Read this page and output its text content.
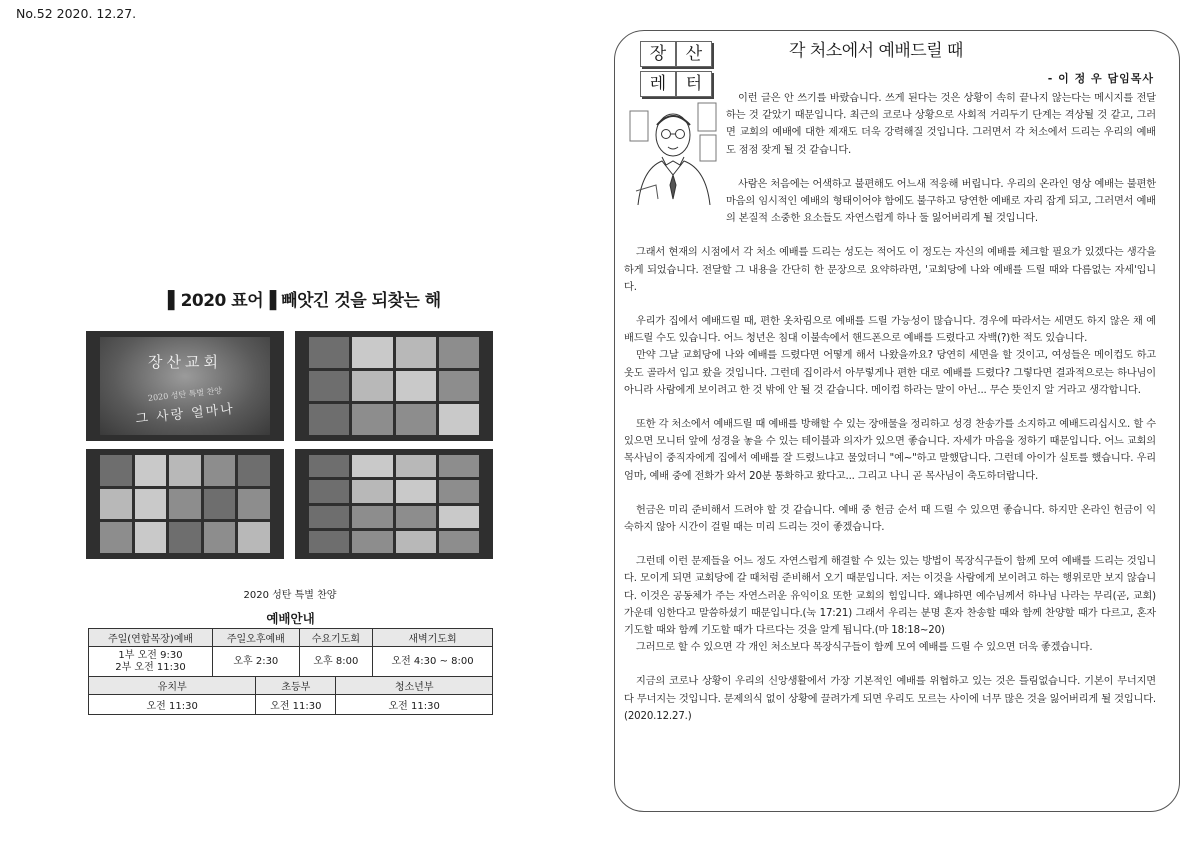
No.52 2020. 12.27.
▌2020 표어▐ 빼앗긴 것을 되찾는 해
장산교회
2020 성탄 특별 찬양
그 사랑 얼마나
2020 성탄 특별 찬양
예배안내					
주일(연합목장)예배	주일오후예배		수요기도회		새벽기도회

1부 오전 9:30
2부 오전 11:30	오후 2:30		오후 8:00		오전 4:30 ~ 8:00
유치부		초등부		청소년부	
오전 11:30		오전 11:30		오전 11:30	
장	산
레	터
각 처소에서 예배드릴 때
- 이 정 우 담임목사

이런 글은 안 쓰기를 바랐습니다. 쓰게 된다는 것은 상황이 속히 끝나지 않는다는 메시지를 전달하는 것 같았기 때문입니다. 최근의 코로나 상황으로 사회적 거리두기 단계는 격상될 것 같고, 그러면 교회의 예배에 대한 제재도 더욱 강력해질 것입니다. 그러면서 각 처소에서 드리는 우리의 예배도 점점 잦게 될 것 같습니다.

사람은 처음에는 어색하고 불편해도 어느새 적응해 버립니다. 우리의 온라인 영상 예배는 불편한 마음의 임시적인 예배의 형태이어야 함에도 불구하고 당연한 예배로 자리 잡게 되고, 그러면서 예배의 본질적 소중한 요소들도 자연스럽게 하나 둘 잃어버리게 될 것입니다.

그래서 현재의 시점에서 각 처소 예배를 드리는 성도는 적어도 이 정도는 자신의 예배를 체크할 필요가 있겠다는 생각을 하게 되었습니다. 전달할 그 내용을 간단히 한 문장으로 요약하라면, '교회당에 나와 예배를 드릴 때와 다름없는 자세'입니다.

우리가 집에서 예배드릴 때, 편한 옷차림으로 예배를 드릴 가능성이 많습니다. 경우에 따라서는 세면도 하지 않은 채 예배드릴 수도 있습니다. 어느 청년은 침대 이불속에서 핸드폰으로 예배를 드렸다고 자백(?)한 적도 있습니다.

만약 그날 교회당에 나와 예배를 드렸다면 어떻게 해서 나왔을까요? 당연히 세면을 할 것이고, 여성들은 메이컵도 하고 옷도 골라서 입고 왔을 것입니다. 그런데 집이라서 아무렇게나 편한 대로 예배를 드렸다? 그렇다면 결과적으로는 하나님이 아니라 사람에게 보이려고 한 것 밖에 안 될 것 같습니다. 메이컵 하라는 말이 아닌... 무슨 뜻인지 알 거라고 생각합니다.

또한 각 처소에서 예배드릴 때 예배를 방해할 수 있는 장애물을 정리하고 성경 찬송가를 소지하고 예배드리십시오. 할 수 있으면 모니터 앞에 성경을 놓을 수 있는 테이블과 의자가 있으면 좋습니다. 자세가 마음을 정하기 때문입니다. 어느 교회의 목사님이 중직자에게 집에서 예배를 잘 드렸느냐고 물었더니 "예~"하고 말했답니다. 그런데 아이가 실토를 했습니다. 우리 엄마, 예배 중에 전화가 와서 20분 통화하고 왔다고... 그리고 나니 곧 목사님이 축도하더랍니다.

헌금은 미리 준비해서 드려야 할 것 같습니다. 예배 중 헌금 순서 때 드릴 수 있으면 좋습니다. 하지만 온라인 헌금이 익숙하지 않아 시간이 걸릴 때는 미리 드리는 것이 좋겠습니다.

그런데 이런 문제들을 어느 정도 자연스럽게 해결할 수 있는 있는 방법이 목장식구들이 함께 모여 예배를 드리는 것입니다. 모이게 되면 교회당에 갈 때처럼 준비해서 오기 때문입니다. 저는 이것을 사람에게 보이려고 하는 행위로만 보지 않습니다. 이것은 공동체가 주는 자연스러운 유익이요 또한 교회의 힘입니다. 왜냐하면 예수님께서 하나님 나라는 무리(곧, 교회) 가운데 임한다고 말씀하셨기 때문입니다.(눅 17:21) 그래서 우리는 분명 혼자 찬송할 때와 함께 찬양할 때가 다르고, 혼자 기도할 때와 함께 기도할 때가 다르다는 것을 알게 됩니다.(마 18:18~20)

그러므로 할 수 있으면 각 개인 처소보다 목장식구들이 함께 모여 예배를 드릴 수 있으면 더욱 좋겠습니다.

지금의 코로나 상황이 우리의 신앙생활에서 가장 기본적인 예배를 위협하고 있는 것은 틀림없습니다. 기본이 무너지면 다 무너지는 것입니다. 문제의식 없이 상황에 끌려가게 되면 우리도 모르는 사이에 너무 많은 것을 잃어버리게 될 것입니다.(2020.12.27.)
